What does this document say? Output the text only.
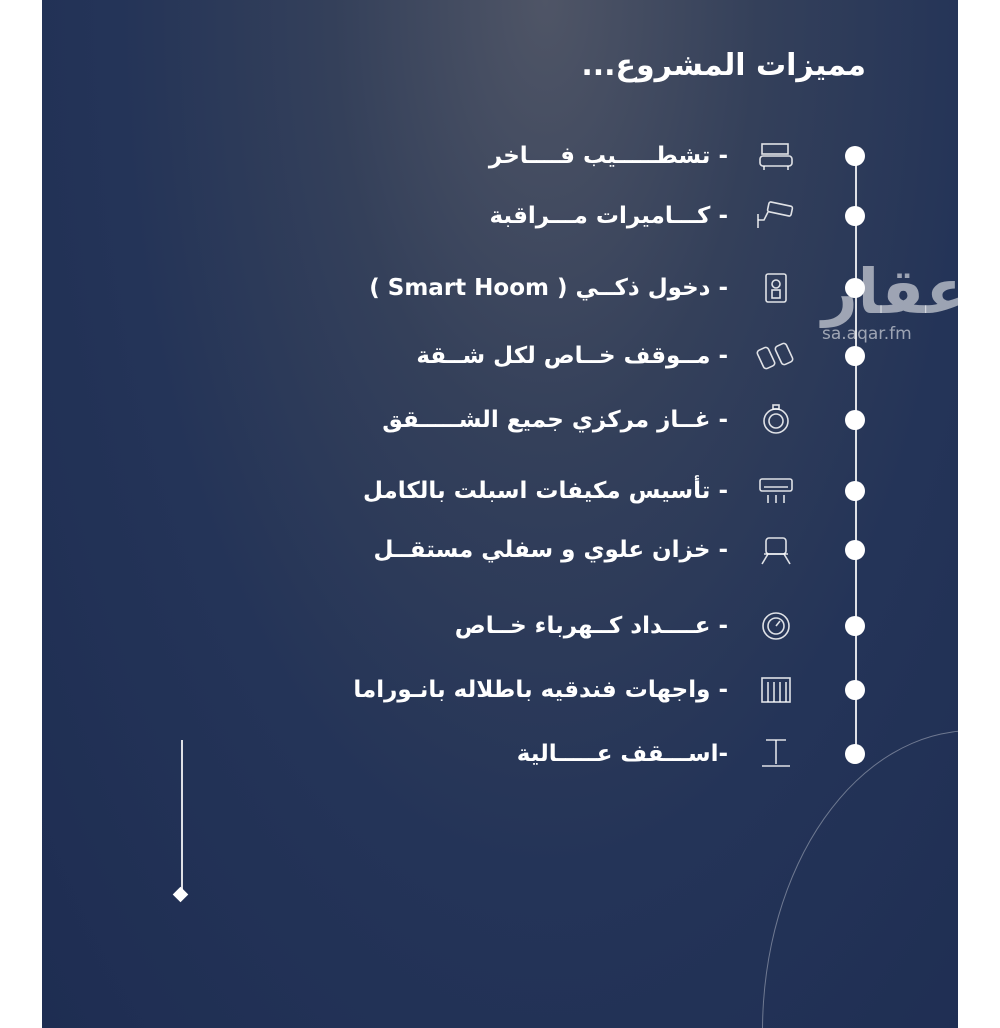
مميزات المشروع...
- تشطـــــيب فــــاخر
- كـــاميرات مـــراقبة
- دخول ذكــي ( Smart Hoom )
- مــوقف خــاص لكل شــقة
- غــاز مركزي جميع الشـــــقق
- تأسيس مكيفات اسبلت بالكامل
- خزان علوي و سفلي مستقــل
- عــــداد كــهرباء خــاص
- واجهات فندقيه باطلاله بانـوراما
-اســـقف عـــــالية
عقار
sa.aqar.fm
